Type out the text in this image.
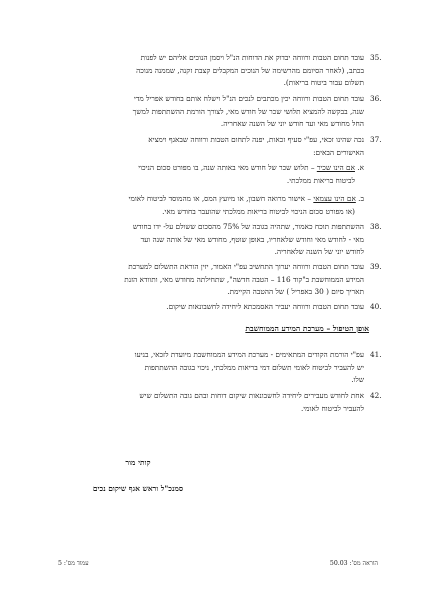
35.
עובד תחום הטבות ורווחה יבדוק את הדוחות הנ"ל ויסמן הנוכים אליהם יש לפנות
בכתב, (לאחר הסיומם מהרשימה של הנוכים המקבלים קצבת זקנה, שממנה מנוכה
תשלום עבור ביטוח בריאות).
36.
עובד תחום הטבות ורווחה יכין מכתבים לנכים הנ"ל וישלח אותם בחודש אפריל מדי
שנה, בבקשה להמציא תלושי שכר של חודש מאי, לצורך הורמת ההשתתפות למשך
החל מחודש מאי ועד חודש יוני של השנה שאחריה.
37.
נכה שהינו זכאי, עפ"י סעיף זכאות, יפנה לתחום הטבות ורווחה שבאגף וימציא
האישורים הבאים:
א. אם הינו שכיר – תלוש שכר של חודש מאי באותה שנה, בו מפורט סכום הניכוי
לביטוח בריאות ממלכתי.
ב. אם הינו עצמאי – אישור מרואה חשבון, או מיועץ המס, או מהמוסד לביטוח לאומי
(או מפורט סכום הניכוי לביטוח בריאות ממלכתי שהועבר בחודש מאי.
38.
ההשתתפות תוכח כאמור, שתהיה בגובה של 75% מהסכום ששולם על- ידו בחודש
מאי - לחודש מאי וחודש שלאחריו, באופן שוטף, מחודש מאי של אותה שנה ועד
לחודש יוני של השנה שלאחריה.
39.
עובד תחום הטבות ורווחה יערוך התחשיב עפ"י האמור, יזין הוראת התשלום למערכת
המידע הממוחשבת ב"קוד 116 – הטבה חדשה", שתחילתה מחודש מאי, ותוודא הזנת
תאריך סיום ( 30 באפריל ) של ההטבה הקיימת.
40.
עובד תחום הטבות ורווחה יעביר האסמכתא ליחידה לחשבונאות שיקום.
אופן הטיפול – מערכת המידע הממוחשבת
41.
עפ"י הורמת הקודים המתאימים - מערכת המידע הממוחשבת מיועדת לזכאי, בניעו
יש להעביר לביטוח לאומי תשלום דמי בריאות ממלכתי, ניכוי בגובה ההשתתפות
שלו.
42.
אחת לחודש מעבירים ליחידה לחשבונאות שיקום דוחות ובהם גובה התשלום שיש
להעביר לביטוח לאומי.
קותי מור
סמנכ"ל וראש אגף שיקום נכים
הוראה מס': 50.03
עמוד מס': 5
